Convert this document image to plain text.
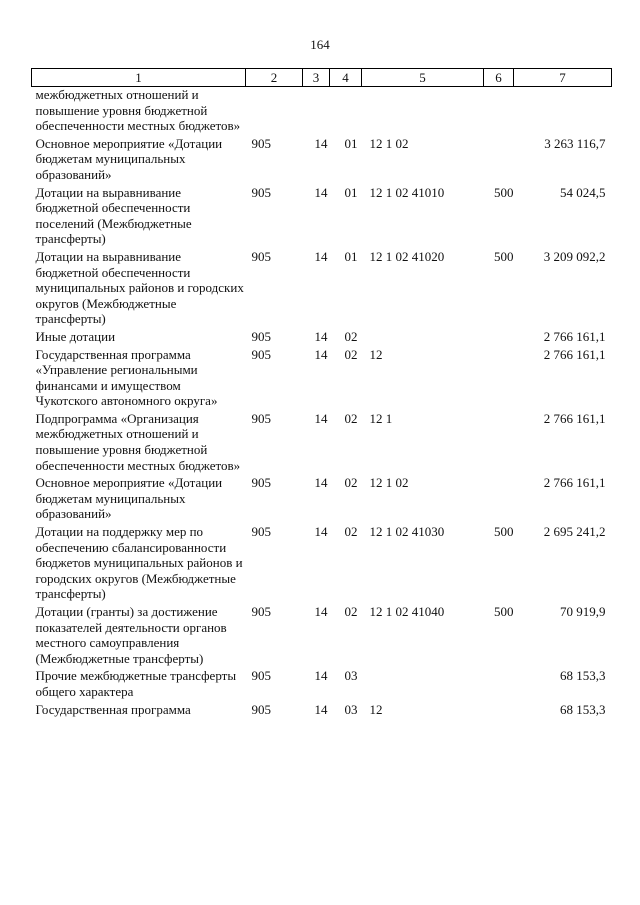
164
1	2	3	4	5	6	7
межбюджетных отношений и повышение уровня бюджетной обеспеченности местных бюджетов»						
Основное мероприятие «Дотации бюджетам муниципальных образований»	905	14	01	12 1 02		3 263 116,7
Дотации на выравнивание бюджетной обеспеченности поселений (Межбюджетные трансферты)	905	14	01	12 1 02 41010	500	54 024,5
Дотации на выравнивание бюджетной обеспеченности муниципальных районов и городских округов (Межбюджетные трансферты)	905	14	01	12 1 02 41020	500	3 209 092,2
Иные дотации	905	14	02			2 766 161,1
Государственная программа «Управление региональными финансами и имуществом Чукотского автономного округа»	905	14	02	12		2 766 161,1
Подпрограмма «Организация межбюджетных отношений и повышение уровня бюджетной обеспеченности местных бюджетов»	905	14	02	12 1		2 766 161,1
Основное мероприятие «Дотации бюджетам муниципальных образований»	905	14	02	12 1 02		2 766 161,1
Дотации на поддержку мер по обеспечению сбалансированности бюджетов муниципальных районов и городских округов (Межбюджетные трансферты)	905	14	02	12 1 02 41030	500	2 695 241,2
Дотации (гранты) за достижение показателей деятельности органов местного самоуправления (Межбюджетные трансферты)	905	14	02	12 1 02 41040	500	70 919,9
Прочие межбюджетные трансферты общего характера	905	14	03			68 153,3
Государственная программа	905	14	03	12		68 153,3
